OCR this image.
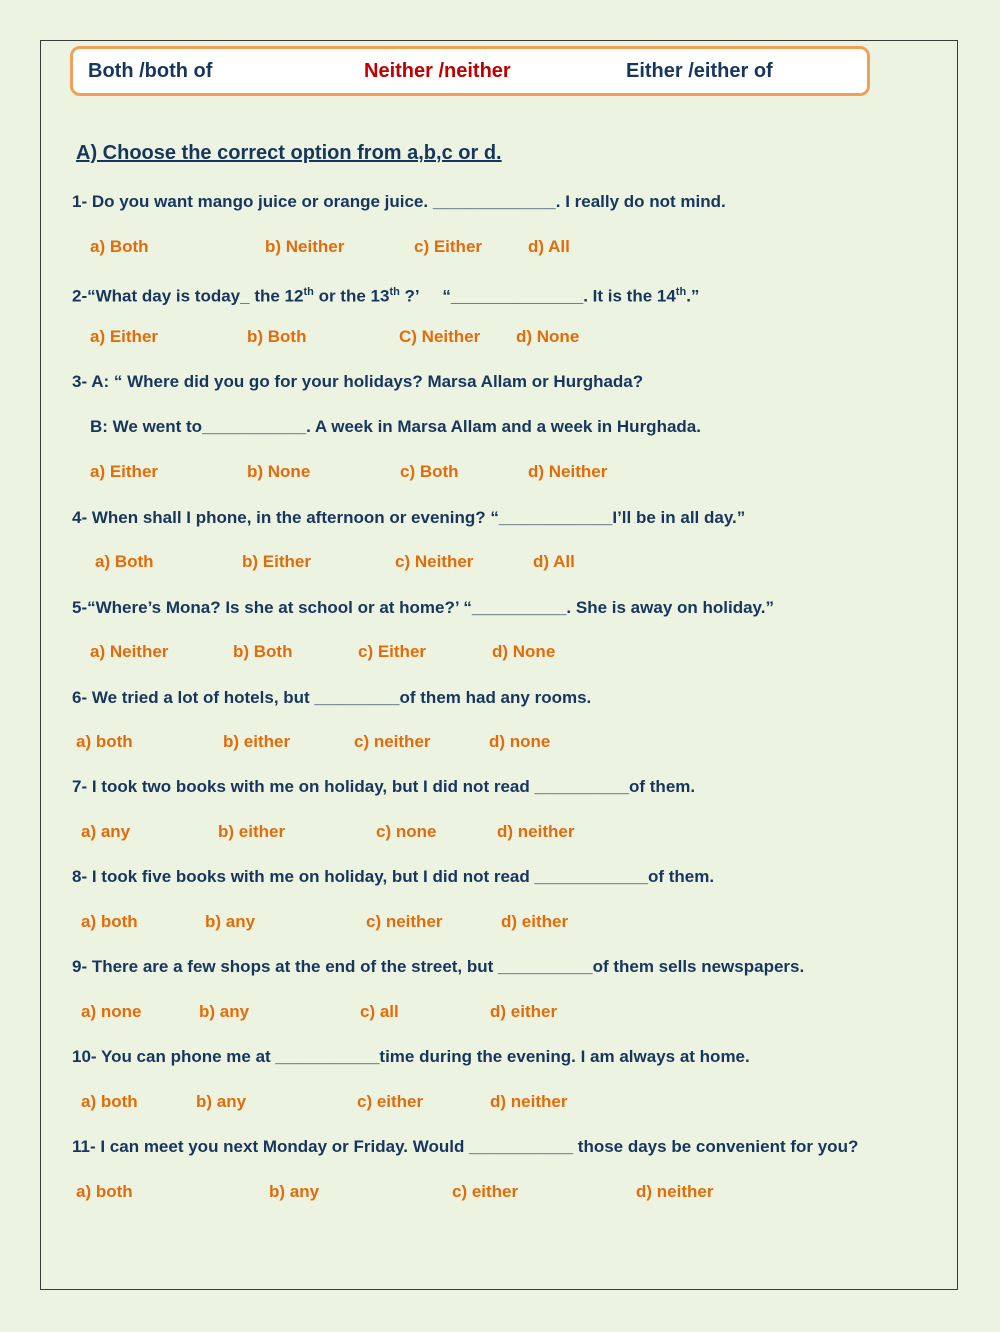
Both /both of	Neither /neither	Either /either of
A) Choose the correct option from a,b,c or d.
1- Do you want mango juice or orange juice. _____________. I really do not mind.
a) Both	b) Neither	c) Either	d) All
2-“What day is today_ the 12th or the 13th ?’     “______________. It is the 14th.”
a) Either	b) Both	C) Neither d) None
3- A: “ Where did you go for your holidays? Marsa Allam or Hurghada?
B: We went to___________. A week in Marsa Allam and a week in Hurghada.
a) Either	b) None	c) Both	d) Neither
4- When shall I phone, in the afternoon or evening? “____________I’ll be in all day.”
a) Both	b) Either	c) Neither	d) All
5-“Where’s Mona? Is she at school or at home?’ “__________. She is away on holiday.”
a) Neither	b) Both	c) Either	d) None
6- We tried a lot of hotels, but _________of them had any rooms.
a) both	b) either	c) neither	d) none
7- I took two books with me on holiday, but I did not read __________of them.
a) any	b) either	c) none	d) neither
8- I took five books with me on holiday, but I did not read ____________of them.
a) both	b) any	c) neither	d) either
9- There are a few shops at the end of the street, but __________of them sells newspapers.
a) none	b) any	c) all	d) either
10- You can phone me at ___________time during the evening. I am always at home.
a) both	b) any	c) either	d) neither
11- I can meet you next Monday or Friday. Would ___________ those days be convenient for you?
a) both	b) any	c) either	d) neither
